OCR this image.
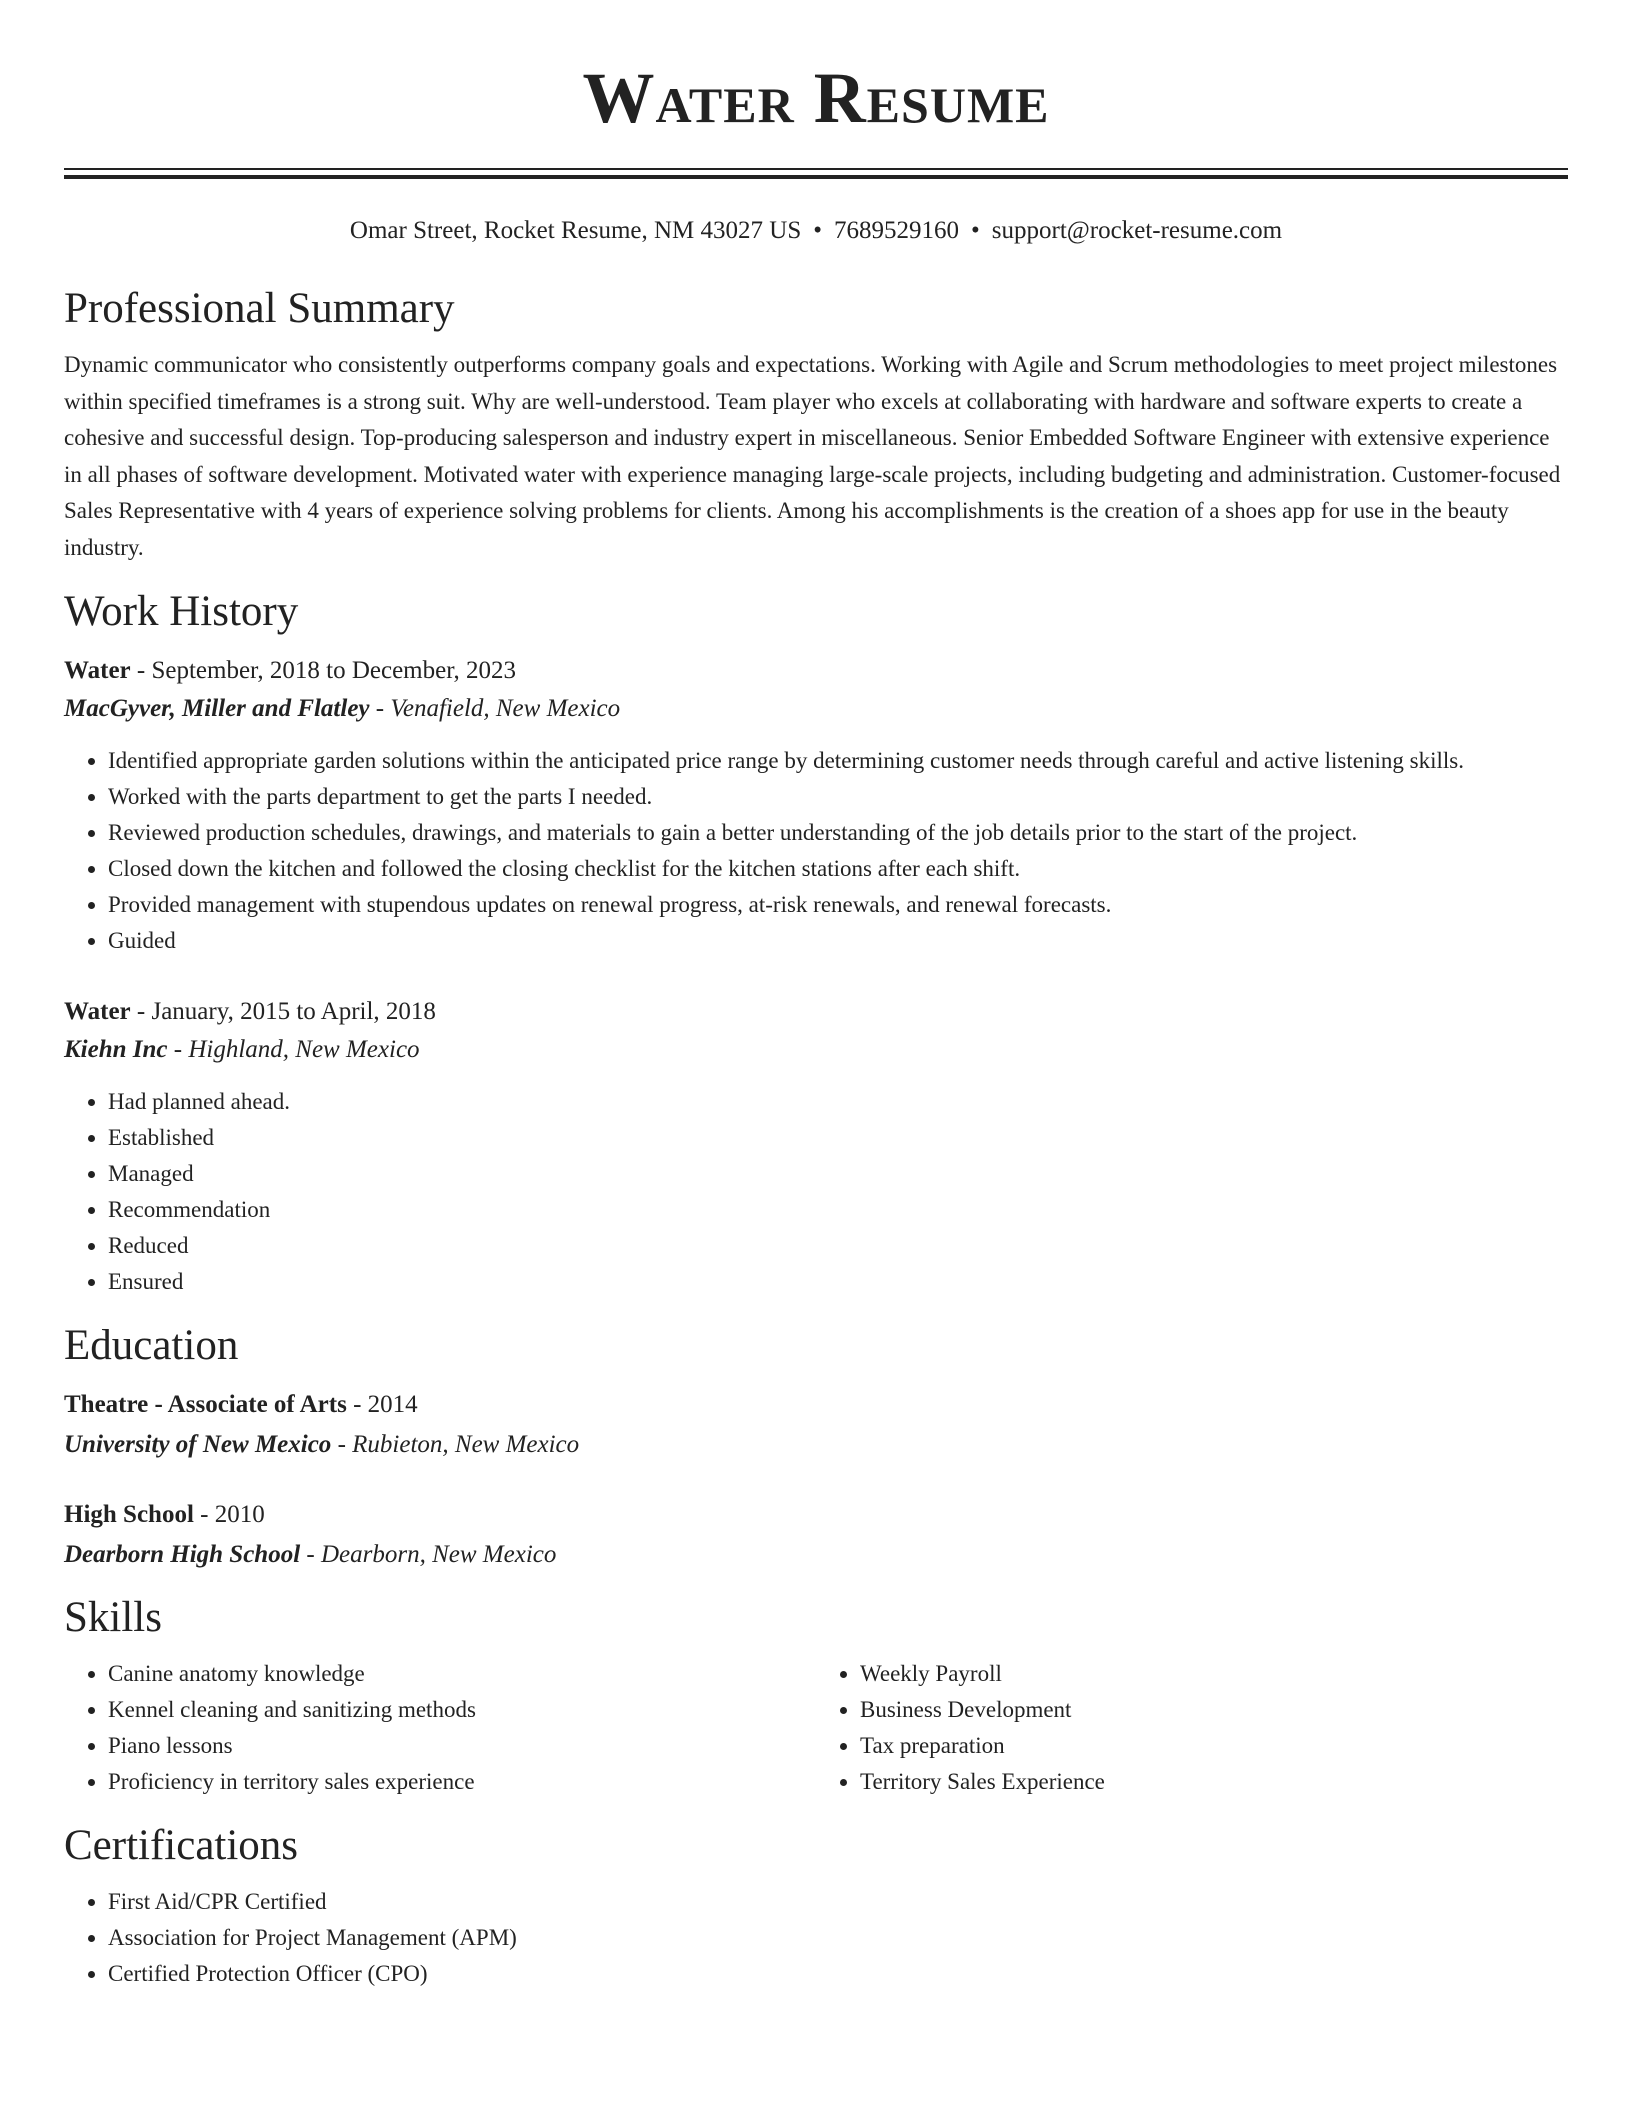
Water Resume
Omar Street, Rocket Resume, NM 43027 US • 7689529160 • support@rocket-resume.com
Professional Summary

Dynamic communicator who consistently outperforms company goals and expectations. Working with Agile and Scrum methodologies to meet project milestones within specified timeframes is a strong suit. Why are well-understood. Team player who excels at collaborating with hardware and software experts to create a cohesive and successful design. Top-producing salesperson and industry expert in miscellaneous. Senior Embedded Software Engineer with extensive experience in all phases of software development. Motivated water with experience managing large-scale projects, including budgeting and administration. Customer-focused Sales Representative with 4 years of experience solving problems for clients. Among his accomplishments is the creation of a shoes app for use in the beauty industry.

Work History
Water - September, 2018 to December, 2023
MacGyver, Miller and Flatley - Venafield, New Mexico
• Identified appropriate garden solutions within the anticipated price range by determining customer needs through careful and active listening skills.
• Worked with the parts department to get the parts I needed.
• Reviewed production schedules, drawings, and materials to gain a better understanding of the job details prior to the start of the project.
• Closed down the kitchen and followed the closing checklist for the kitchen stations after each shift.
• Provided management with stupendous updates on renewal progress, at-risk renewals, and renewal forecasts.
• Guided
Water - January, 2015 to April, 2018
Kiehn Inc - Highland, New Mexico
• Had planned ahead.
• Established
• Managed
• Recommendation
• Reduced
• Ensured
Education
Theatre - Associate of Arts - 2014
University of New Mexico - Rubieton, New Mexico
High School - 2010
Dearborn High School - Dearborn, New Mexico
Skills
• Canine anatomy knowledge
• Kennel cleaning and sanitizing methods
• Piano lessons
• Proficiency in territory sales experience
• Weekly Payroll
• Business Development
• Tax preparation
• Territory Sales Experience
Certifications
• First Aid/CPR Certified
• Association for Project Management (APM)
• Certified Protection Officer (CPO)
